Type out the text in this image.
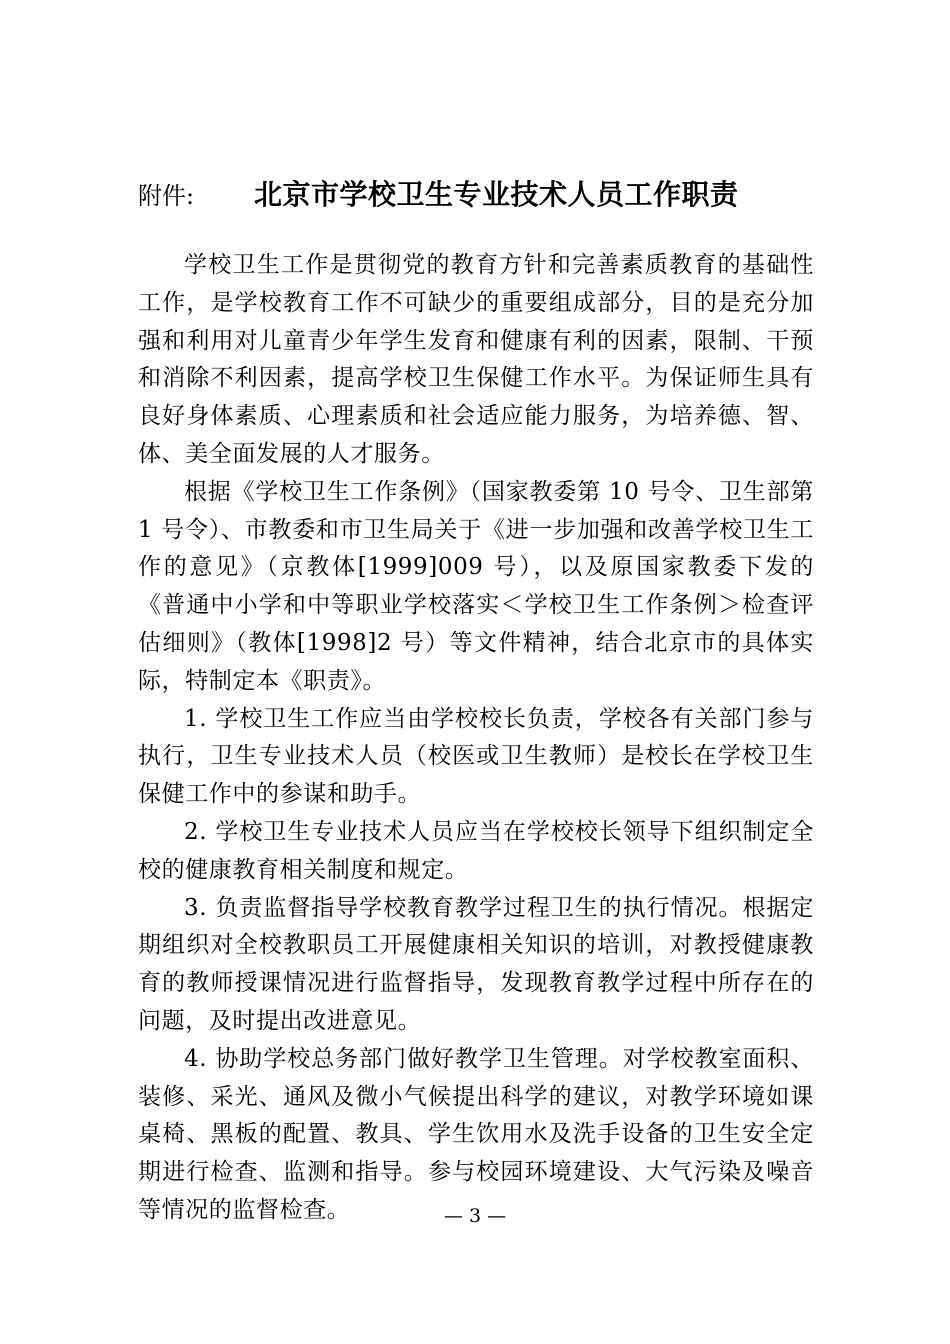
附件:	北京市学校卫生专业技术人员工作职责

学校卫生工作是贯彻党的教育方针和完善素质教育的基础性工作，是学校教育工作不可缺少的重要组成部分，目的是充分加强和利用对儿童青少年学生发育和健康有利的因素，限制、干预和消除不利因素，提高学校卫生保健工作水平。为保证师生具有良好身体素质、心理素质和社会适应能力服务，为培养德、智、体、美全面发展的人才服务。

根据《学校卫生工作条例》（国家教委第 10 号令、卫生部第 1 号令）、市教委和市卫生局关于《进一步加强和改善学校卫生工作的意见》（京教体[1999]009 号），以及原国家教委下发的《普通中小学和中等职业学校落实＜学校卫生工作条例＞检查评估细则》（教体[1998]2 号）等文件精神，结合北京市的具体实际，特制定本《职责》。

1. 学校卫生工作应当由学校校长负责，学校各有关部门参与执行，卫生专业技术人员（校医或卫生教师）是校长在学校卫生保健工作中的参谋和助手。

2. 学校卫生专业技术人员应当在学校校长领导下组织制定全校的健康教育相关制度和规定。

3. 负责监督指导学校教育教学过程卫生的执行情况。根据定期组织对全校教职员工开展健康相关知识的培训，对教授健康教育的教师授课情况进行监督指导，发现教育教学过程中所存在的问题，及时提出改进意见。

4. 协助学校总务部门做好教学卫生管理。对学校教室面积、装修、采光、通风及微小气候提出科学的建议，对教学环境如课桌椅、黑板的配置、教具、学生饮用水及洗手设备的卫生安全定期进行检查、监测和指导。参与校园环境建设、大气污染及噪音等情况的监督检查。	— 3 —
